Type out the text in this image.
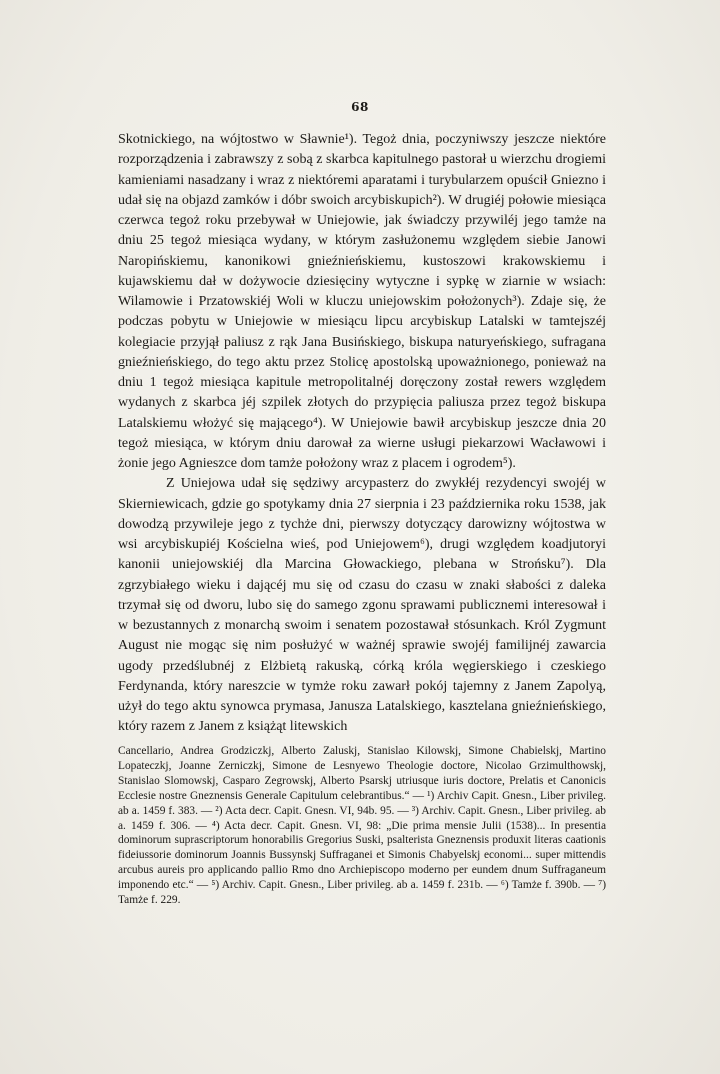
68

Skotnickiego, na wójtostwo w Sławnie¹). Tegoż dnia, poczyniwszy jeszcze niektóre rozporządzenia i zabrawszy z sobą z skarbca kapitulnego pastorał u wierzchu drogiemi kamieniami nasadzany i wraz z niektóremi aparatami i turybularzem opuścił Gniezno i udał się na objazd zamków i dóbr swoich arcybiskupich²). W drugiéj połowie miesiąca czerwca tegoż roku przebywał w Uniejowie, jak świadczy przywiléj jego tamże na dniu 25 tegoż miesiąca wydany, w którym zasłużonemu względem siebie Janowi Naropińskiemu, kanonikowi gnieźnieńskiemu, kustoszowi krakowskiemu i kujawskiemu dał w dożywocie dziesięciny wytyczne i sypkę w ziarnie w wsiach: Wilamowie i Przatowskiéj Woli w kluczu uniejowskim położonych³). Zdaje się, że podczas pobytu w Uniejowie w miesiącu lipcu arcybiskup Latalski w tamtejszéj kolegiacie przyjął paliusz z rąk Jana Busińskiego, biskupa naturyeńskiego, sufragana gnieźnieńskiego, do tego aktu przez Stolicę apostolską upoważnionego, ponieważ na dniu 1 tegoż miesiąca kapitule metropolitalnéj doręczony został rewers względem wydanych z skarbca jéj szpilek złotych do przypięcia paliusza przez tegoż biskupa Latalskiemu włożyć się mającego⁴). W Uniejowie bawił arcybiskup jeszcze dnia 20 tegoż miesiąca, w którym dniu darował za wierne usługi piekarzowi Wacławowi i żonie jego Agnieszce dom tamże położony wraz z placem i ogrodem⁵).

Z Uniejowa udał się sędziwy arcypasterz do zwykłéj rezydencyi swojéj w Skierniewicach, gdzie go spotykamy dnia 27 sierpnia i 23 października roku 1538, jak dowodzą przywileje jego z tychże dni, pierwszy dotyczący darowizny wójtostwa w wsi arcybiskupiéj Kościelna wieś, pod Uniejowem⁶), drugi względem koadjutoryi kanonii uniejowskiéj dla Marcina Głowackiego, plebana w Strońsku⁷). Dla zgrzybiałego wieku i dającéj mu się od czasu do czasu w znaki słabości z daleka trzymał się od dworu, lubo się do samego zgonu sprawami publicznemi interesował i w bezustannych z monarchą swoim i senatem pozostawał stósunkach. Król Zygmunt August nie mogąc się nim posłużyć w ważnéj sprawie swojéj familijnéj zawarcia ugody przedślubnéj z Elżbietą rakuską, córką króla węgierskiego i czeskiego Ferdynanda, który nareszcie w tymże roku zawarł pokój tajemny z Janem Zapolyą, użył do tego aktu synowca prymasa, Janusza Latalskiego, kasztelana gnieźnieńskiego, który razem z Janem z książąt litewskich

Cancellario, Andrea Grodziczkj, Alberto Zaluskj, Stanislao Kilowskj, Simone Chabielskj, Martino Lopateczkj, Joanne Zerniczkj, Simone de Lesnyewo Theologie doctore, Nicolao Grzimulthowskj, Stanislao Slomowskj, Casparo Zegrowskj, Alberto Psarskj utriusque iuris doctore, Prelatis et Canonicis Ecclesie nostre Gneznensis Generale Capitulum celebrantibus.“ — ¹) Archiv Capit. Gnesn., Liber privileg. ab a. 1459 f. 383. — ²) Acta decr. Capit. Gnesn. VI, 94b. 95. — ³) Archiv. Capit. Gnesn., Liber privileg. ab a. 1459 f. 306. — ⁴) Acta decr. Capit. Gnesn. VI, 98: „Die prima mensie Julii (1538)... In presentia dominorum suprascriptorum honorabilis Gregorius Suski, psalterista Gneznensis produxit literas caationis fideiussorie dominorum Joannis Bussynskj Suffraganei et Simonis Chabyelskj economi... super mittendis arcubus aureis pro applicando pallio Rmo dno Archiepiscopo moderno per eundem dnum Suffraganeum imponendo etc.“ — ⁵) Archiv. Capit. Gnesn., Liber privileg. ab a. 1459 f. 231b. — ⁶) Tamże f. 390b. — ⁷) Tamże f. 229.
